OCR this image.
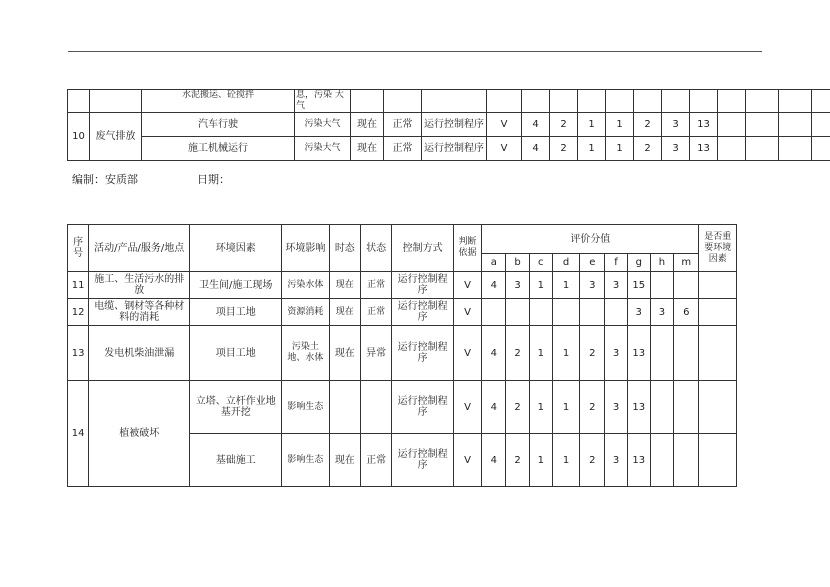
		水泥搬运、砼搅拌	息，污染 大气															
10	废气排放	汽车行驶	污染大气	现在	正常	运行控制程序	V	4	2	1	1	2	3	13				
		施工机械运行	污染大气	现在	正常	运行控制程序	V	4	2	1	1	2	3	13				
编制：安质部	日期：
序号	活动/产品/服务/地点	环境因素	环境影响	时态	状态	控制方式	判断依据	评价分值									是否重要环境因素
								a	b	c	d	e	f	g	h	m	
11	施工、生活污水的排放	卫生间/施工现场	污染水体	现在	正常	运行控制程序	V	4	3	1	1	3	3	15			
12	电缆、钢材等各种材料的消耗	项目工地	资源消耗	现在	正常	运行控制程序	V							3	3	6	
13	发电机柴油泄漏	项目工地	污染土地、水体	现在	异常	运行控制程序	V	4	2	1	1	2	3	13			
14	植被破坏	立塔、立杆作业地基开挖	影响生态			运行控制程序	V	4	2	1	1	2	3	13			
		基础施工	影响生态	现在	正常	运行控制程序	V	4	2	1	1	2	3	13			
